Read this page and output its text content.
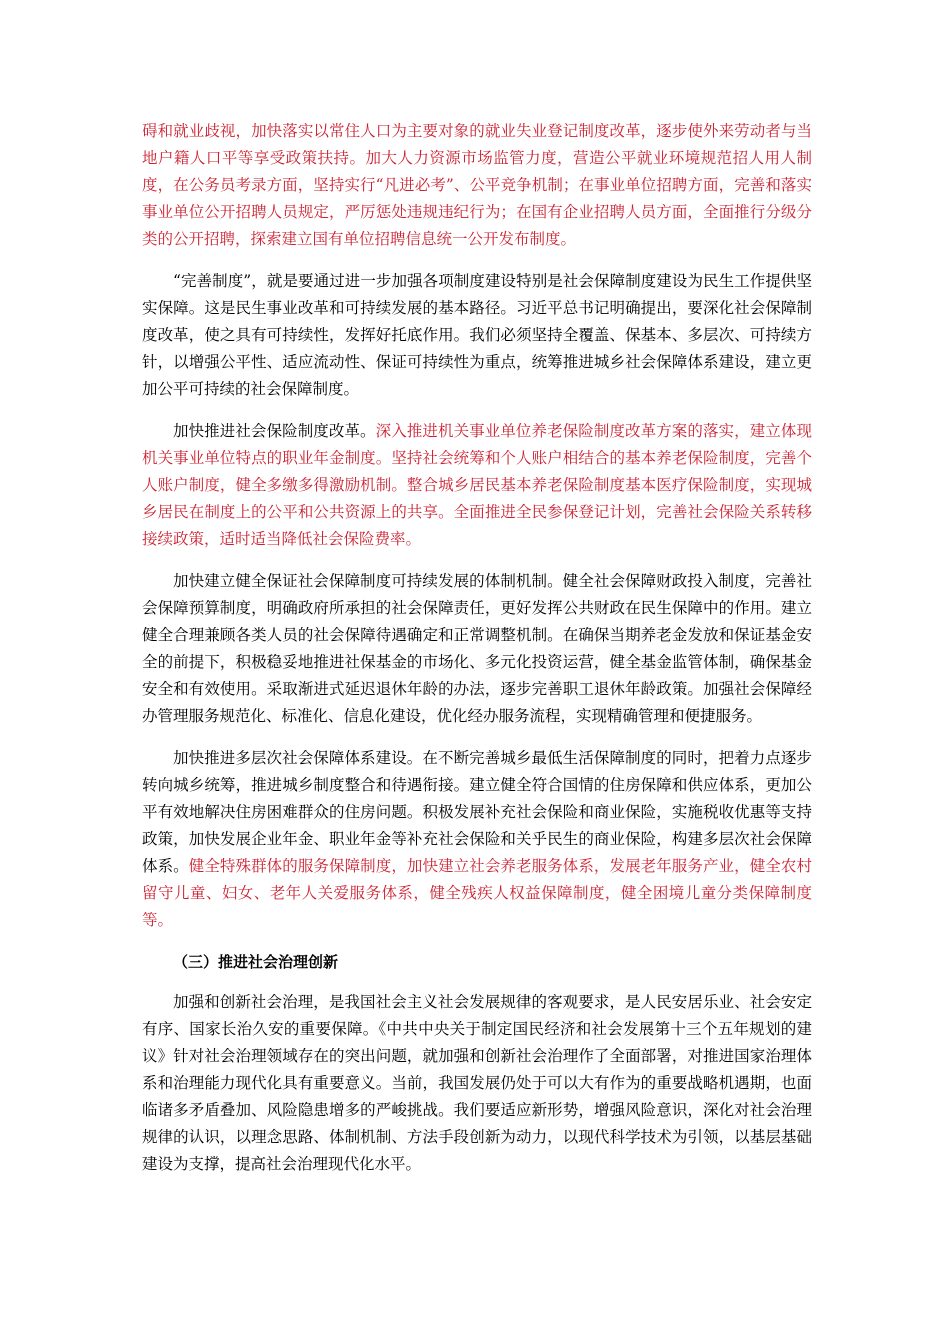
碍和就业歧视，加快落实以常住人口为主要对象的就业失业登记制度改革，逐步使外来劳动者与当地户籍人口平等享受政策扶持。加大人力资源市场监管力度，营造公平就业环境规范招人用人制度，在公务员考录方面，坚持实行“凡进必考”、公平竞争机制；在事业单位招聘方面，完善和落实事业单位公开招聘人员规定，严厉惩处违规违纪行为；在国有企业招聘人员方面，全面推行分级分类的公开招聘，探索建立国有单位招聘信息统一公开发布制度。

“完善制度”，就是要通过进一步加强各项制度建设特别是社会保障制度建设为民生工作提供坚实保障。这是民生事业改革和可持续发展的基本路径。习近平总书记明确提出，要深化社会保障制度改革，使之具有可持续性，发挥好托底作用。我们必须坚持全覆盖、保基本、多层次、可持续方针，以增强公平性、适应流动性、保证可持续性为重点，统筹推进城乡社会保障体系建设，建立更加公平可持续的社会保障制度。

加快推进社会保险制度改革。深入推进机关事业单位养老保险制度改革方案的落实，建立体现机关事业单位特点的职业年金制度。坚持社会统筹和个人账户相结合的基本养老保险制度，完善个人账户制度，健全多缴多得激励机制。整合城乡居民基本养老保险制度基本医疗保险制度，实现城乡居民在制度上的公平和公共资源上的共享。全面推进全民参保登记计划，完善社会保险关系转移接续政策，适时适当降低社会保险费率。

加快建立健全保证社会保障制度可持续发展的体制机制。健全社会保障财政投入制度，完善社会保障预算制度，明确政府所承担的社会保障责任，更好发挥公共财政在民生保障中的作用。建立健全合理兼顾各类人员的社会保障待遇确定和正常调整机制。在确保当期养老金发放和保证基金安全的前提下，积极稳妥地推进社保基金的市场化、多元化投资运营，健全基金监管体制，确保基金安全和有效使用。采取渐进式延迟退休年龄的办法，逐步完善职工退休年龄政策。加强社会保障经办管理服务规范化、标准化、信息化建设，优化经办服务流程，实现精确管理和便捷服务。

加快推进多层次社会保障体系建设。在不断完善城乡最低生活保障制度的同时，把着力点逐步转向城乡统筹，推进城乡制度整合和待遇衔接。建立健全符合国情的住房保障和供应体系，更加公平有效地解决住房困难群众的住房问题。积极发展补充社会保险和商业保险，实施税收优惠等支持政策，加快发展企业年金、职业年金等补充社会保险和关乎民生的商业保险，构建多层次社会保障体系。健全特殊群体的服务保障制度，加快建立社会养老服务体系，发展老年服务产业，健全农村留守儿童、妇女、老年人关爱服务体系，健全残疾人权益保障制度，健全困境儿童分类保障制度等。

（三）推进社会治理创新

加强和创新社会治理，是我国社会主义社会发展规律的客观要求，是人民安居乐业、社会安定有序、国家长治久安的重要保障。《中共中央关于制定国民经济和社会发展第十三个五年规划的建议》针对社会治理领域存在的突出问题，就加强和创新社会治理作了全面部署，对推进国家治理体系和治理能力现代化具有重要意义。当前，我国发展仍处于可以大有作为的重要战略机遇期，也面临诸多矛盾叠加、风险隐患增多的严峻挑战。我们要适应新形势，增强风险意识，深化对社会治理规律的认识，以理念思路、体制机制、方法手段创新为动力，以现代科学技术为引领，以基层基础建设为支撑，提高社会治理现代化水平。
